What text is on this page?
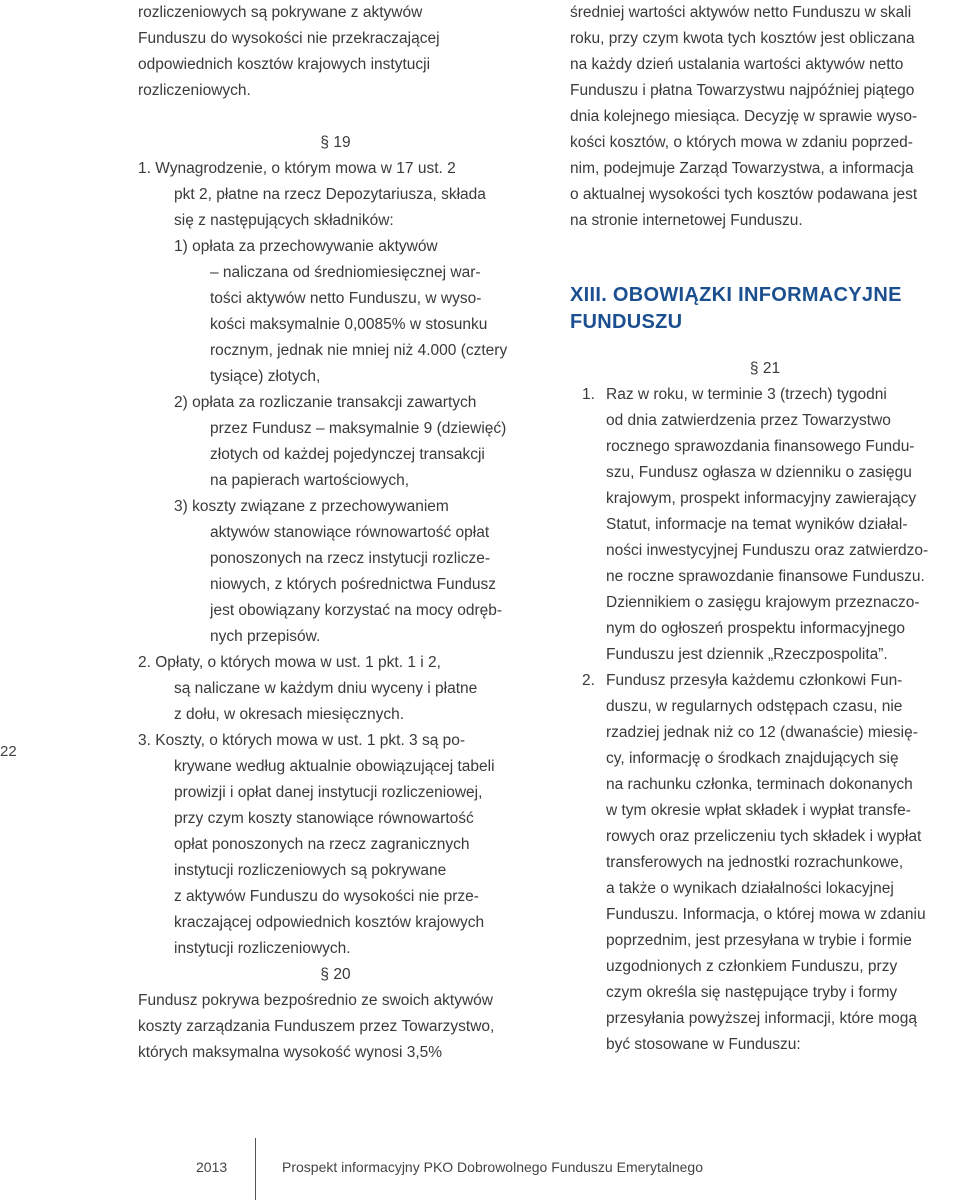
22
rozliczeniowych są pokrywane z aktywów
Funduszu do wysokości nie przekraczającej
odpowiednich kosztów krajowych instytucji
rozliczeniowych.
§ 19
1. Wynagrodzenie, o którym mowa w 17 ust. 2
pkt 2, płatne na rzecz Depozytariusza, składa
się z następujących składników:
1) opłata za przechowywanie aktywów
– naliczana od średniomiesięcznej war-
tości aktywów netto Funduszu, w wyso-
kości maksymalnie 0,0085% w stosunku
rocznym, jednak nie mniej niż 4.000 (cztery
tysiące) złotych,
2) opłata za rozliczanie transakcji zawartych
przez Fundusz – maksymalnie 9 (dziewięć)
złotych od każdej pojedynczej transakcji
na papierach wartościowych,
3) koszty związane z przechowywaniem
aktywów stanowiące równowartość opłat
ponoszonych na rzecz instytucji rozlicze-
niowych, z których pośrednictwa Fundusz
jest obowiązany korzystać na mocy odręb-
nych przepisów.
2. Opłaty, o których mowa w ust. 1 pkt. 1 i 2,
są naliczane w każdym dniu wyceny i płatne
z dołu, w okresach miesięcznych.
3. Koszty, o których mowa w ust. 1 pkt. 3 są po-
krywane według aktualnie obowiązującej tabeli
prowizji i opłat danej instytucji rozliczeniowej,
przy czym koszty stanowiące równowartość
opłat ponoszonych na rzecz zagranicznych
instytucji rozliczeniowych są pokrywane
z aktywów Funduszu do wysokości nie prze-
kraczającej odpowiednich kosztów krajowych
instytucji rozliczeniowych.
§ 20
Fundusz pokrywa bezpośrednio ze swoich aktywów
koszty zarządzania Funduszem przez Towarzystwo,
których maksymalna wysokość wynosi 3,5%
średniej wartości aktywów netto Funduszu w skali
roku, przy czym kwota tych kosztów jest obliczana
na każdy dzień ustalania wartości aktywów netto
Funduszu i płatna Towarzystwu najpóźniej piątego
dnia kolejnego miesiąca. Decyzję w sprawie wyso-
kości kosztów, o których mowa w zdaniu poprzed-
nim, podejmuje Zarząd Towarzystwa, a informacja
o aktualnej wysokości tych kosztów podawana jest
na stronie internetowej Funduszu.
XIII. OBOWIĄZKI INFORMACYJNE
FUNDUSZU
§ 21
1. Raz w roku, w terminie 3 (trzech) tygodni
od dnia zatwierdzenia przez Towarzystwo
rocznego sprawozdania finansowego Fundu-
szu, Fundusz ogłasza w dzienniku o zasięgu
krajowym, prospekt informacyjny zawierający
Statut, informacje na temat wyników działal-
ności inwestycyjnej Funduszu oraz zatwierdzo-
ne roczne sprawozdanie finansowe Funduszu.
Dziennikiem o zasięgu krajowym przeznaczo-
nym do ogłoszeń prospektu informacyjnego
Funduszu jest dziennik „Rzeczpospolita”.
2. Fundusz przesyła każdemu członkowi Fun-
duszu, w regularnych odstępach czasu, nie
rzadziej jednak niż co 12 (dwanaście) miesię-
cy, informację o środkach znajdujących się
na rachunku członka, terminach dokonanych
w tym okresie wpłat składek i wypłat transfe-
rowych oraz przeliczeniu tych składek i wypłat
transferowych na jednostki rozrachunkowe,
a także o wynikach działalności lokacyjnej
Funduszu. Informacja, o której mowa w zdaniu
poprzednim, jest przesyłana w trybie i formie
uzgodnionych z członkiem Funduszu, przy
czym określa się następujące tryby i formy
przesyłania powyższej informacji, które mogą
być stosowane w Funduszu:
2013	Prospekt informacyjny PKO Dobrowolnego Funduszu Emerytalnego
